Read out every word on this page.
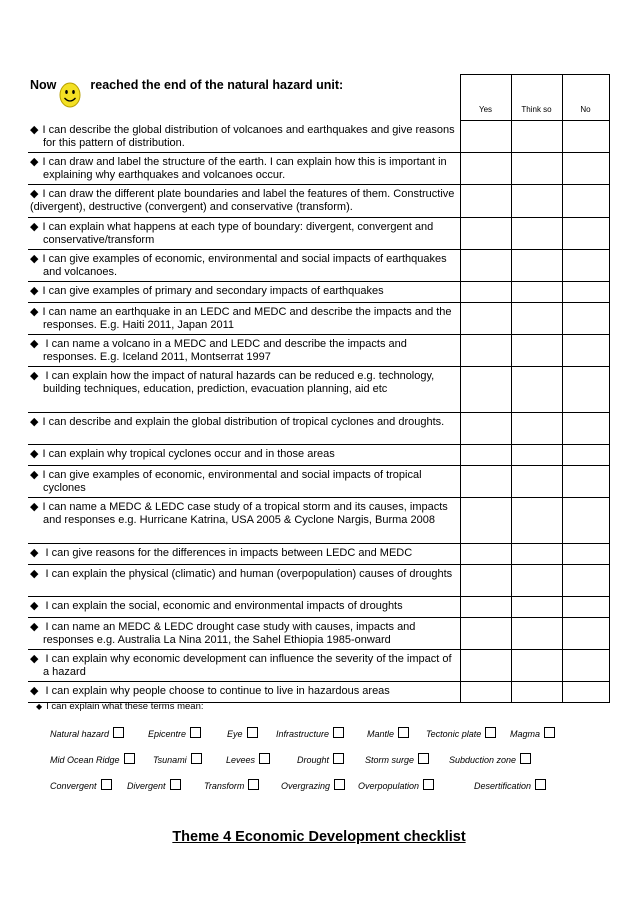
Now	reached the end of the natural hazard unit:
	Yes	Think so	No

◆ I can describe the global distribution of volcanoes and earthquakes and give reasons for this pattern of distribution.			

◆ I can draw and label the structure of the earth. I can explain how this is important in explaining why earthquakes and volcanoes occur.			

◆ I can draw the different plate boundaries and label the features of them. Constructive (divergent), destructive (convergent) and conservative (transform).			

◆ I can explain what happens at each type of boundary: divergent, convergent and conservative/transform			

◆ I can give examples of economic, environmental and social impacts of earthquakes and volcanoes.			

◆ I can give examples of primary and secondary impacts of earthquakes			

◆ I can name an earthquake in an LEDC and MEDC and describe the impacts and the responses. E.g. Haiti 2011, Japan 2011			

◆ I can name a volcano in a MEDC and LEDC and describe the impacts and responses. E.g. Iceland 2011, Montserrat 1997			

◆ I can explain how the impact of natural hazards can be reduced e.g. technology, building techniques, education, prediction, evacuation planning, aid etc			

◆ I can describe and explain the global distribution of tropical cyclones and droughts.			

◆ I can explain why tropical cyclones occur and in those areas			

◆ I can give examples of economic, environmental and social impacts of tropical cyclones			

◆ I can name a MEDC & LEDC case study of a tropical storm and its causes, impacts and responses e.g. Hurricane Katrina, USA 2005 & Cyclone Nargis, Burma 2008			

◆ I can give reasons for the differences in impacts between LEDC and MEDC			

◆ I can explain the physical (climatic) and human (overpopulation) causes of droughts			

◆ I can explain the social, economic and environmental impacts of droughts			

◆ I can name an MEDC & LEDC drought case study with causes, impacts and responses e.g. Australia La Nina 2011, the Sahel Ethiopia 1985-onward			

◆ I can explain why economic development can influence the severity of the impact of a hazard			

◆ I can explain why people choose to continue to live in hazardous areas			

◆ I can explain what these terms mean:
Natural hazard	Epicentre	Eye	Infrastructure	Mantle	Tectonic plate	Magma
Mid Ocean Ridge	Tsunami	Levees	Drought	Storm surge	Subduction zone
Convergent	Divergent	Transform	Overgrazing	Overpopulation	Desertification
Theme 4 Economic Development checklist
